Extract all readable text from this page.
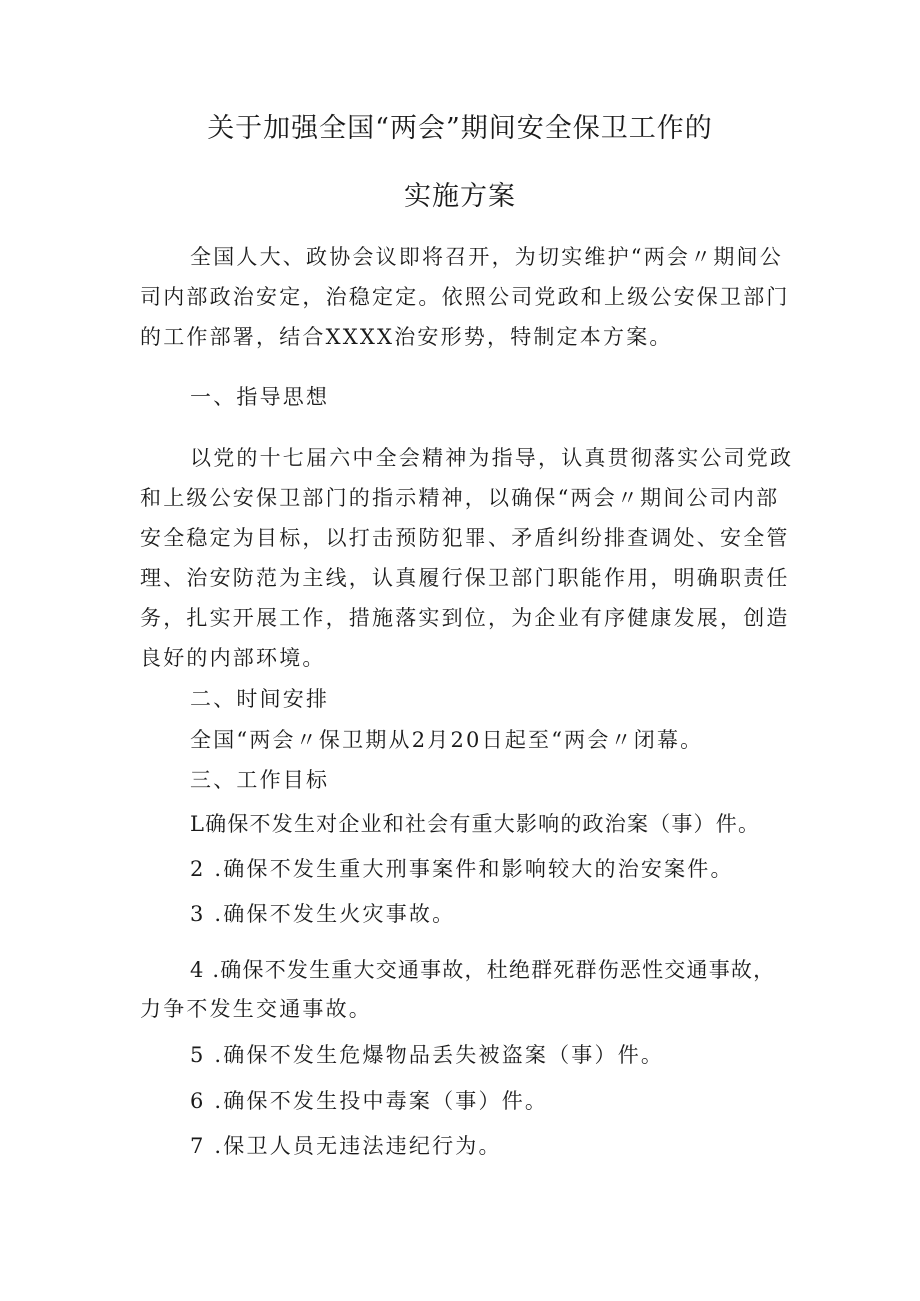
关于加强全国“两会”期间安全保卫工作的
实施方案
全国人大、政协会议即将召开，为切实维护“两会〃期间公
司内部政治安定，治稳定定。依照公司党政和上级公安保卫部门
的工作部署，结合XXXX治安形势，特制定本方案。
一、指导思想
以党的十七届六中全会精神为指导，认真贯彻落实公司党政
和上级公安保卫部门的指示精神，以确保“两会〃期间公司内部
安全稳定为目标，以打击预防犯罪、矛盾纠纷排查调处、安全管
理、治安防范为主线，认真履行保卫部门职能作用，明确职责任
务，扎实开展工作，措施落实到位，为企业有序健康发展，创造
良好的内部环境。
二、时间安排
全国“两会〃保卫期从2月20日起至“两会〃闭幕。
三、工作目标
L确保不发生对企业和社会有重大影响的政治案（事）件。
2 .确保不发生重大刑事案件和影响较大的治安案件。
3 .确保不发生火灾事故。
4 .确保不发生重大交通事故，杜绝群死群伤恶性交通事故，
力争不发生交通事故。
5 .确保不发生危爆物品丢失被盗案（事）件。
6 .确保不发生投中毒案（事）件。
7 .保卫人员无违法违纪行为。
